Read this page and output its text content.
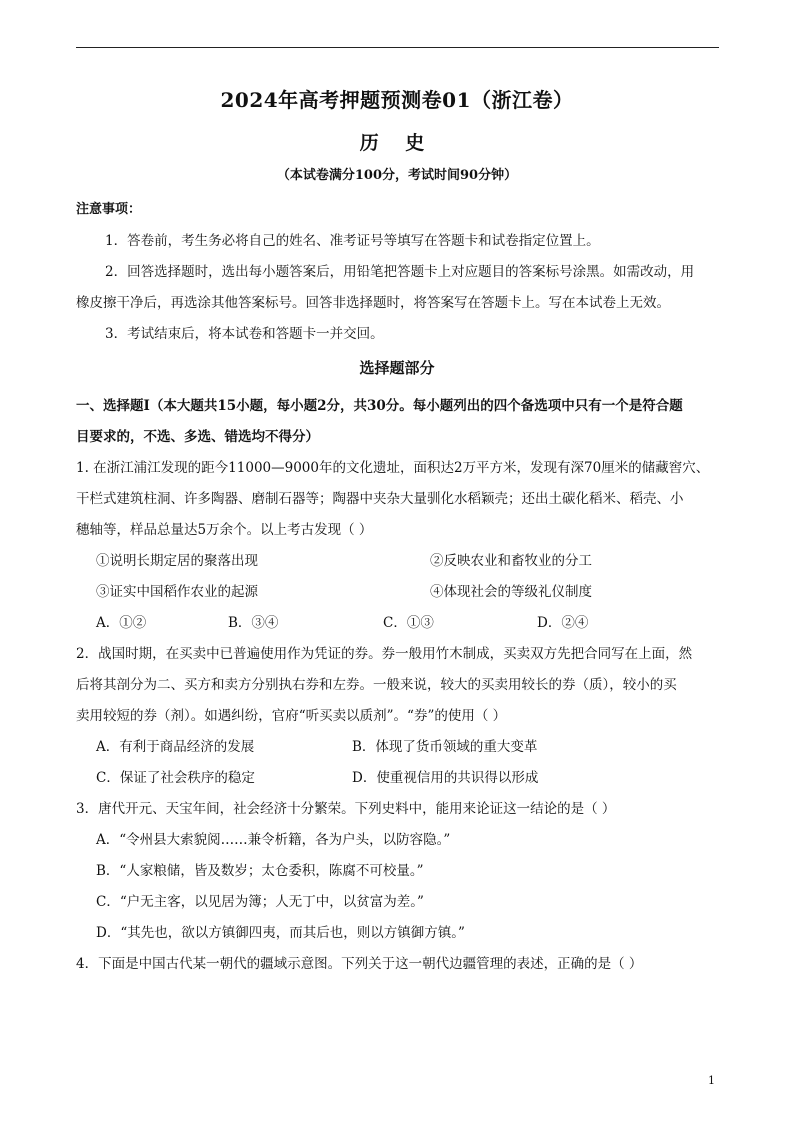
2024年高考押题预测卷01（浙江卷）
历 史
（本试卷满分100分，考试时间90分钟）
注意事项：
1．答卷前，考生务必将自己的姓名、准考证号等填写在答题卡和试卷指定位置上。
2．回答选择题时，选出每小题答案后，用铅笔把答题卡上对应题目的答案标号涂黑。如需改动，用
橡皮擦干净后，再选涂其他答案标号。回答非选择题时，将答案写在答题卡上。写在本试卷上无效。
3．考试结束后，将本试卷和答题卡一并交回。
选择题部分
一、选择题Ⅰ（本大题共15小题，每小题2分，共30分。每小题列出的四个备选项中只有一个是符合题
目要求的，不选、多选、错选均不得分）
1. 在浙江浦江发现的距今11000—9000年的文化遗址，面积达2万平方米，发现有深70厘米的储藏窖穴、
干栏式建筑柱洞、许多陶器、磨制石器等；陶器中夹杂大量驯化水稻颖壳；还出土碳化稻米、稻壳、小
穗轴等，样品总量达5万余个。以上考古发现（ ）
①说明长期定居的聚落出现	②反映农业和畜牧业的分工
③证实中国稻作农业的起源	④体现社会的等级礼仪制度
A．①②	B．③④	C．①③	D．②④
2．战国时期，在买卖中已普遍使用作为凭证的券。券一般用竹木制成，买卖双方先把合同写在上面，然
后将其剖分为二、买方和卖方分别执右券和左券。一般来说，较大的买卖用较长的券（质），较小的买
卖用较短的券（剂）。如遇纠纷，官府“听买卖以质剂”。“券”的使用（ ）
A．有利于商品经济的发展	B．体现了货币领域的重大变革
C．保证了社会秩序的稳定	D．使重视信用的共识得以形成
3．唐代开元、天宝年间，社会经济十分繁荣。下列史料中，能用来论证这一结论的是（ ）
A．“令州县大索貌阅……兼令析籍，各为户头，以防容隐。”
B．“人家粮储，皆及数岁；太仓委积，陈腐不可校量。”
C．“户无主客，以见居为簿；人无丁中，以贫富为差。”
D．“其先也，欲以方镇御四夷，而其后也，则以方镇御方镇。”
4．下面是中国古代某一朝代的疆域示意图。下列关于这一朝代边疆管理的表述，正确的是（ ）
1
